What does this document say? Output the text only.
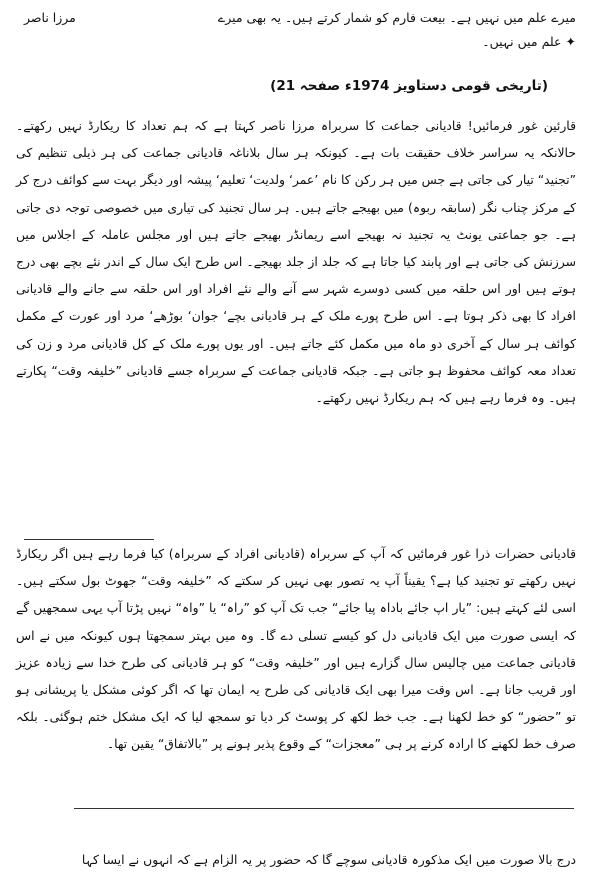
میرے علم میں نہیں ہے۔ بیعت فارم کو شمار کرتے ہیں۔ یہ بھی میرے
مرزا ناصر
✦علم میں نہیں۔
(تاریخی قومی دستاویز 1974ء صفحہ 21)
قارئین غور فرمائیں! قادیانی جماعت کا سربراہ مرزا ناصر کہتا ہے کہ ہم تعداد کا ریکارڈ نہیں رکھتے۔ حالانکہ یہ سراسر خلاف حقیقت بات ہے۔ کیونکہ ہر سال بلاناغہ قادیانی جماعت کی ہر ذیلی تنظیم کی ”تجنید“ تیار کی جاتی ہے جس میں ہر رکن کا نام ’عمر‘ ولدیت‘ تعلیم‘ پیشہ اور دیگر بہت سے کوائف درج کر کے مرکز چناب نگر (سابقہ ربوہ) میں بھیجے جاتے ہیں۔ ہر سال تجنید کی تیاری میں خصوصی توجہ دی جاتی ہے۔ جو جماعتی یونٹ یہ تجنید نہ بھیجے اسے ریمانڈر بھیجے جاتے ہیں اور مجلس عاملہ کے اجلاس میں سرزنش کی جاتی ہے اور پابند کیا جاتا ہے کہ جلد از جلد بھیجے۔ اس طرح ایک سال کے اندر نئے بچے بھی درج ہوتے ہیں اور اس حلقہ میں کسی دوسرے شہر سے آنے والے نئے افراد اور اس حلقہ سے جانے والے قادیانی افراد کا بھی ذکر ہوتا ہے۔ اس طرح پورے ملک کے ہر قادیانی بچے‘ جوان‘ بوڑھے‘ مرد اور عورت کے مکمل کوائف ہر سال کے آخری دو ماہ میں مکمل کئے جاتے ہیں۔ اور یوں پورے ملک کے کل قادیانی مرد و زن کی تعداد معہ کوائف محفوظ ہو جاتی ہے۔ جبکہ قادیانی جماعت کے سربراہ جسے قادیانی ”خلیفہ وقت“ پکارتے ہیں۔ وہ فرما رہے ہیں کہ ہم ریکارڈ نہیں رکھتے۔
قادیانی حضرات ذرا غور فرمائیں کہ آپ کے سربراہ (قادیانی افراد کے سربراہ) کیا فرما رہے ہیں اگر ریکارڈ نہیں رکھتے تو تجنید کیا ہے؟ یقیناً آپ یہ تصور بھی نہیں کر سکتے کہ ”خلیفہ وقت“ جھوٹ بول سکتے ہیں۔ اسی لئے کہتے ہیں: ”یار اپ جائے باداہ پیا جائے“ جب تک آپ کو ”راہ“ یا ”واہ“ نہیں پڑتا آپ یہی سمجھیں گے کہ ایسی صورت میں ایک قادیانی دل کو کیسے تسلی دے گا۔ وہ میں بہتر سمجھتا ہوں کیونکہ میں نے اس قادیانی جماعت میں چالیس سال گزارے ہیں اور ”خلیفہ وقت“ کو ہر قادیانی کی طرح خدا سے زیادہ عزیز اور قریب جانا ہے۔ اس وقت میرا بھی ایک قادیانی کی طرح یہ ایمان تھا کہ اگر کوئی مشکل یا پریشانی ہو تو ”حضور“ کو خط لکھنا ہے۔ جب خط لکھ کر پوسٹ کر دیا تو سمجھ لیا کہ ایک مشکل ختم ہوگئی۔ بلکہ صرف خط لکھنے کا ارادہ کرنے پر ہی ”معجزات“ کے وقوع پذیر ہونے پر ”بالاتفاق“ یقین تھا۔
درج بالا صورت میں ایک مذکورہ قادیانی سوچے گا کہ حضور پر یہ الزام ہے کہ انہوں نے ایسا کہا
